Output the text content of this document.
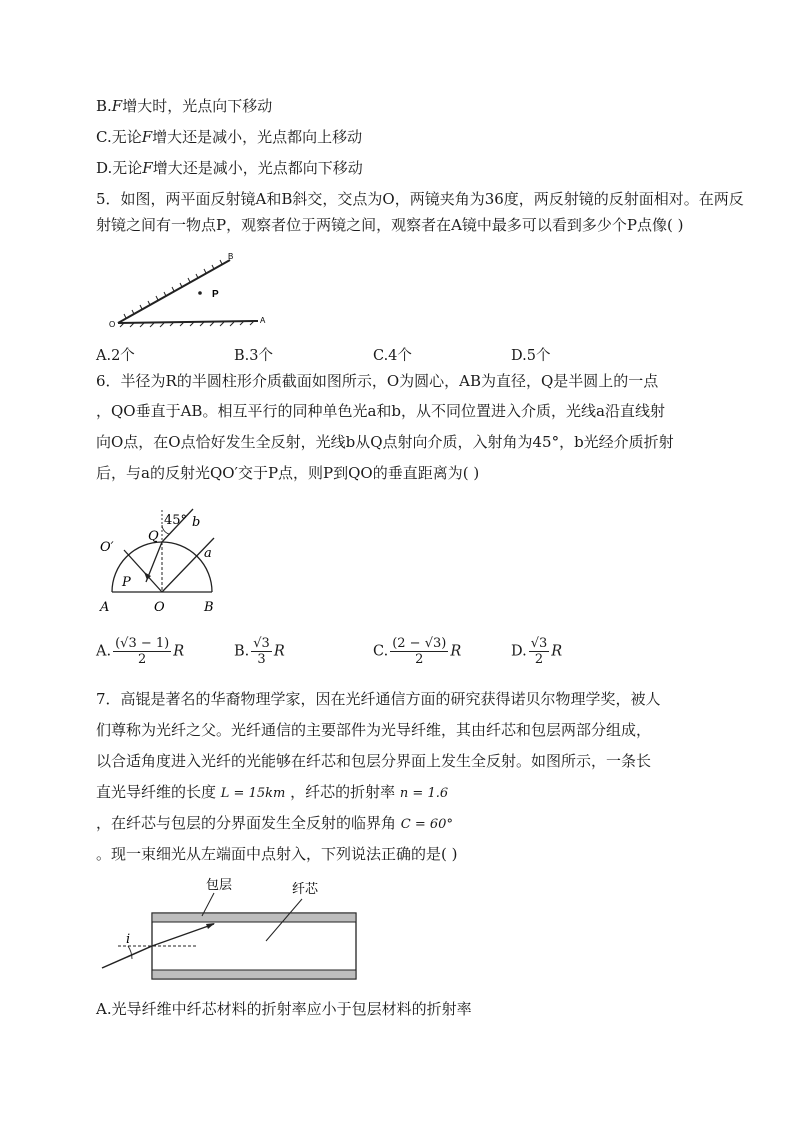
B.F增大时，光点向下移动
C.无论F增大还是减小，光点都向上移动
D.无论F增大还是减小，光点都向下移动
5．如图，两平面反射镜A和B斜交，交点为O，两镜夹角为36度，两反射镜的反射面相对。在两反
射镜之间有一物点P，观察者位于两镜之间，观察者在A镜中最多可以看到多少个P点像( )
P
B
O	A
A.2个	B.3个	C.4个	D.5个
6．半径为R的半圆柱形介质截面如图所示，O为圆心，AB为直径，Q是半圆上的一点
，QO垂直于AB。相互平行的同种单色光a和b，从不同位置进入介质，光线a沿直线射
向O点，在O点恰好发生全反射，光线b从Q点射向介质，入射角为45°，b光经介质折射
后，与a的反射光QO′交于P点，则P到QO的垂直距离为( )
Q
45° b
a
O′
P
A	O	B
A. $\frac{(√3 - 1)}{2}$ R	B. $\frac{√3}{3}$ R	C. $\frac{(2 - √3)}{2}$ R	D. $\frac{√3}{2}$ R
7．高锟是著名的华裔物理学家，因在光纤通信方面的研究获得诺贝尔物理学奖，被人
们尊称为光纤之父。光纤通信的主要部件为光导纤维，其由纤芯和包层两部分组成，
以合适角度进入光纤的光能够在纤芯和包层分界面上发生全反射。如图所示，一条长
直光导纤维的长度 L = 15km ，纤芯的折射率 n = 1.6
，在纤芯与包层的分界面发生全反射的临界角 C = 60°
。现一束细光从左端面中点射入，下列说法正确的是( )
i
包层	纤芯
A.光导纤维中纤芯材料的折射率应小于包层材料的折射率
